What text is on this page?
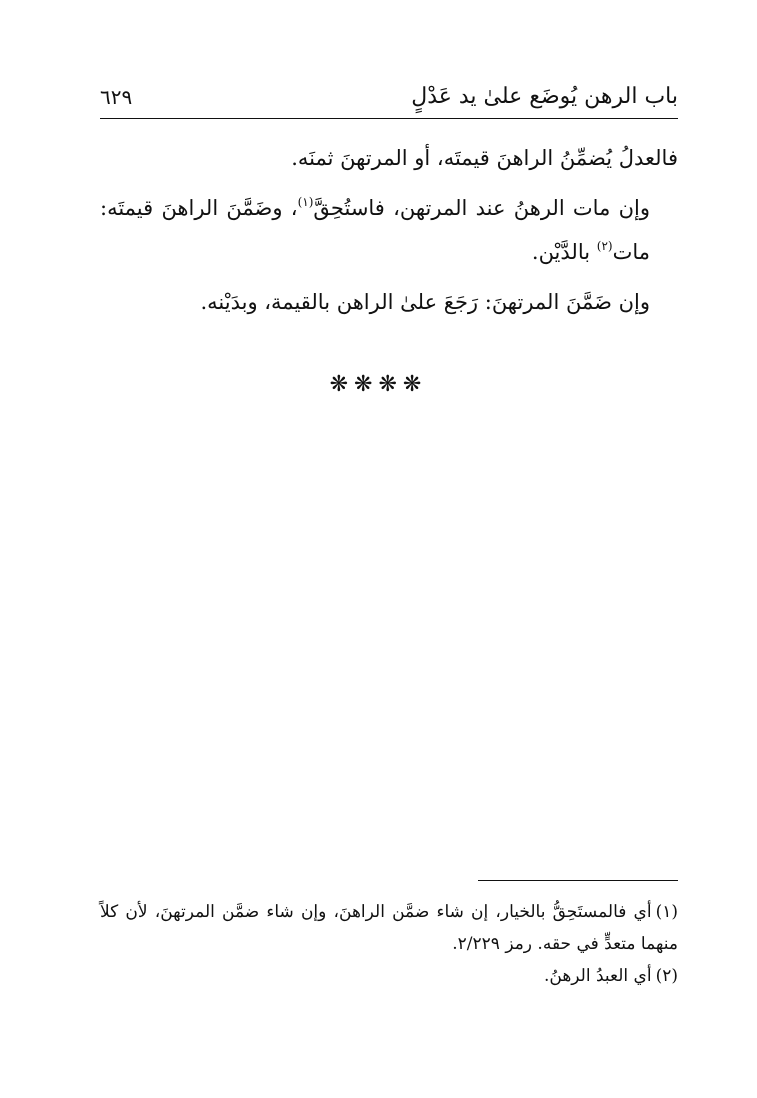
باب الرهن يُوضَع علىٰ يد عَدْلٍ
٦٢٩

فالعدلُ يُضمِّنُ الراهنَ قيمتَه، أو المرتهنَ ثمنَه.

وإن مات الرهنُ عند المرتهن، فاستُحِقَّ$^{(١)}$، وضَمَّنَ الراهنَ قيمتَه: مات$^{(٢)}$ بالدَّيْن.

وإن ضَمَّنَ المرتهنَ: رَجَعَ علىٰ الراهن بالقيمة، وبدَيْنه.

❋❋❋❋

(١)أي فالمستَحِقُّ بالخيار، إن شاء ضمَّن الراهنَ، وإن شاء ضمَّن المرتهنَ، لأن كلاً منهما متعدٍّ في حقه. رمز ٢/٢٢٩.

(٢)أي العبدُ الرهنُ.
